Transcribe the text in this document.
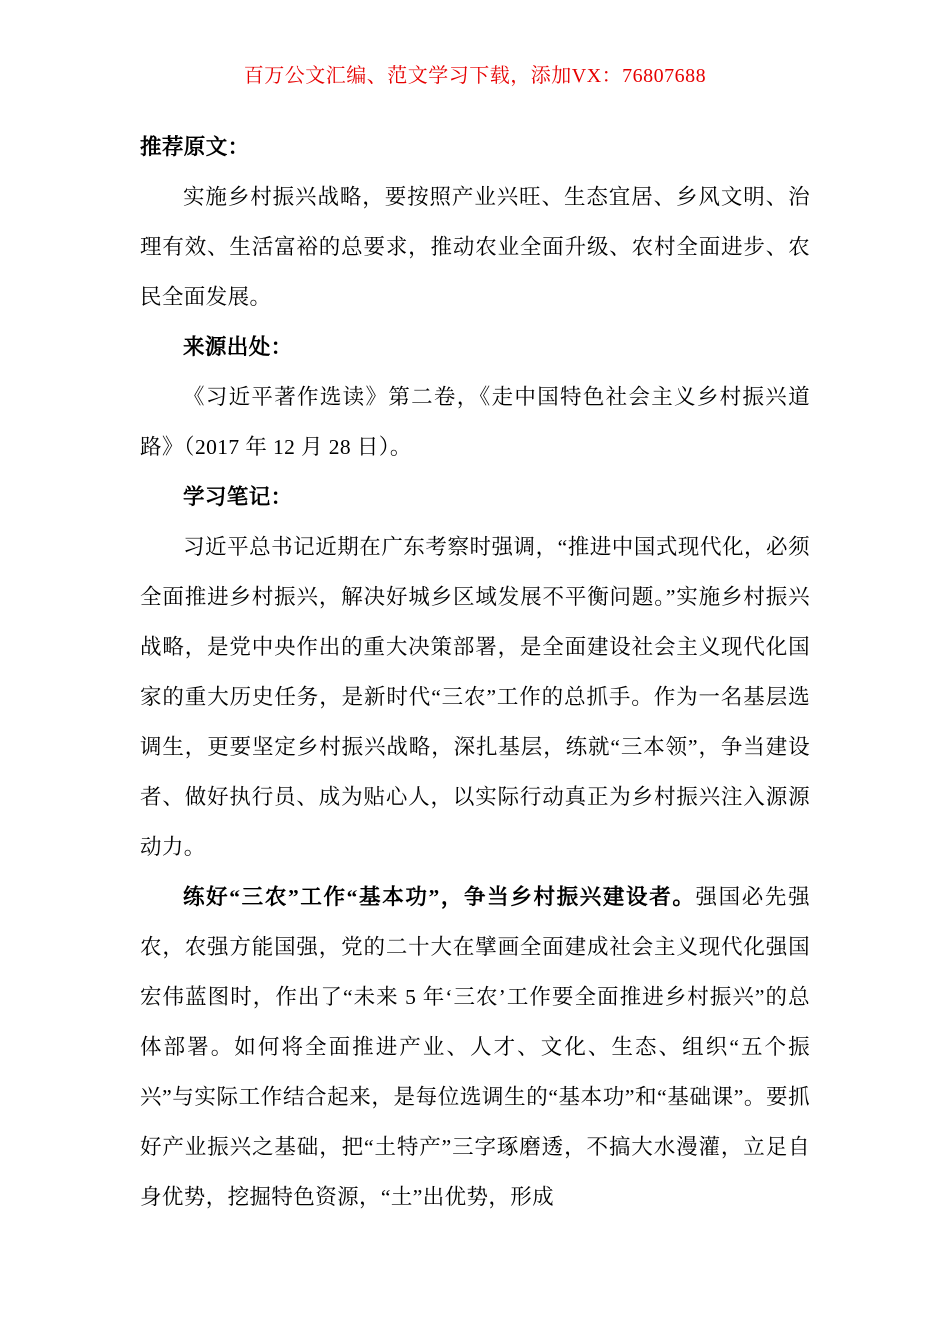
百万公文汇编、范文学习下载，添加VX：76807688

推荐原文：

实施乡村振兴战略，要按照产业兴旺、生态宜居、乡风文明、治理有效、生活富裕的总要求，推动农业全面升级、农村全面进步、农民全面发展。

来源出处：

《习近平著作选读》第二卷，《走中国特色社会主义乡村振兴道路》（2017 年 12 月 28 日）。

学习笔记：

习近平总书记近期在广东考察时强调，“推进中国式现代化，必须全面推进乡村振兴，解决好城乡区域发展不平衡问题。”实施乡村振兴战略，是党中央作出的重大决策部署，是全面建设社会主义现代化国家的重大历史任务，是新时代“三农”工作的总抓手。作为一名基层选调生，更要坚定乡村振兴战略，深扎基层，练就“三本领”，争当建设者、做好执行员、成为贴心人，以实际行动真正为乡村振兴注入源源动力。

练好“三农”工作“基本功”，争当乡村振兴建设者。强国必先强农，农强方能国强，党的二十大在擘画全面建成社会主义现代化强国宏伟蓝图时，作出了“未来 5 年‘三农’工作要全面推进乡村振兴”的总体部署。如何将全面推进产业、人才、文化、生态、组织“五个振兴”与实际工作结合起来，是每位选调生的“基本功”和“基础课”。要抓好产业振兴之基础，把“土特产”三字琢磨透，不搞大水漫灌，立足自身优势，挖掘特色资源，“土”出优势，形成
